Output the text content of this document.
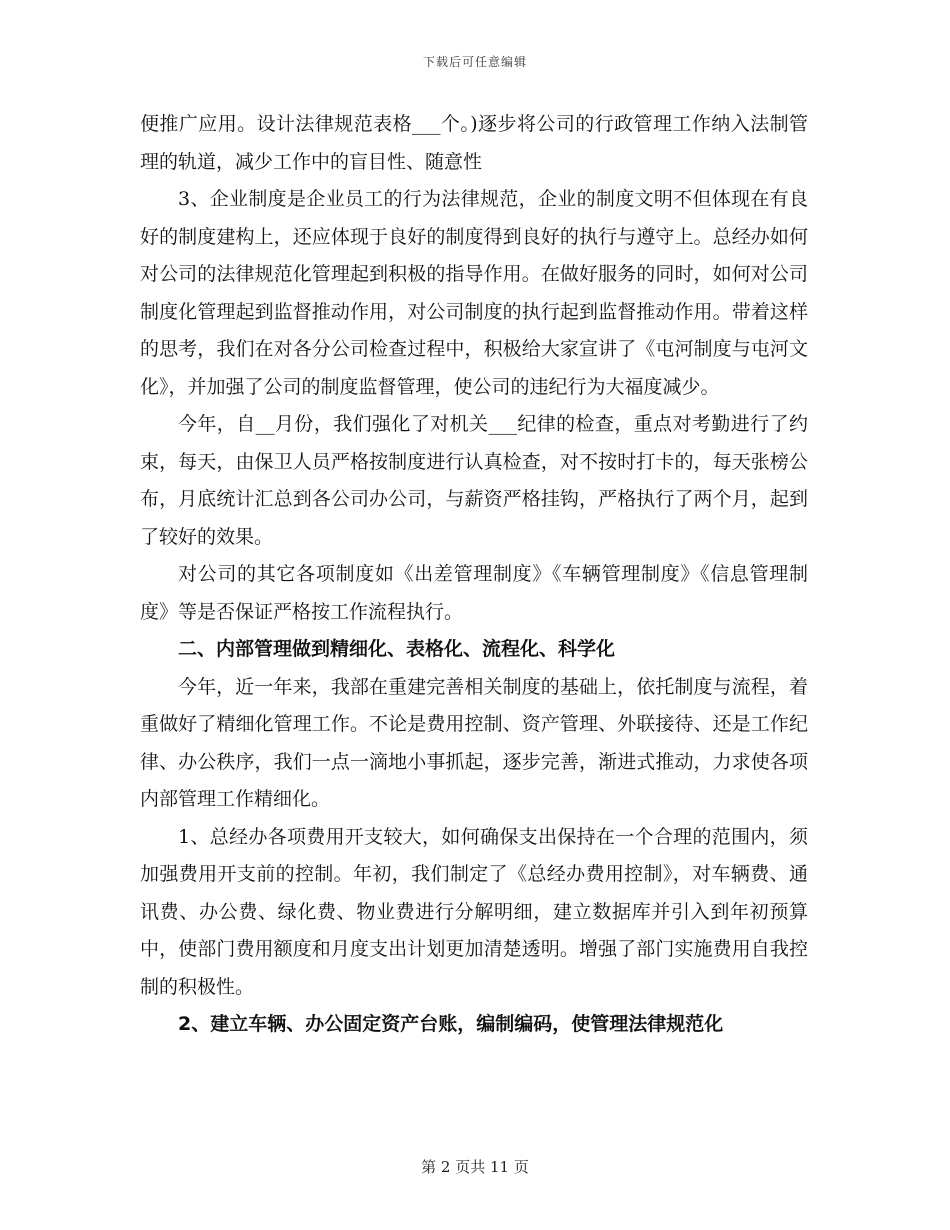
下载后可任意编辑

便推广应用。设计法律规范表格___个。)逐步将公司的行政管理工作纳入法制管理的轨道，减少工作中的盲目性、随意性

3、企业制度是企业员工的行为法律规范，企业的制度文明不但体现在有良好的制度建构上，还应体现于良好的制度得到良好的执行与遵守上。总经办如何对公司的法律规范化管理起到积极的指导作用。在做好服务的同时，如何对公司制度化管理起到监督推动作用，对公司制度的执行起到监督推动作用。带着这样的思考，我们在对各分公司检查过程中，积极给大家宣讲了《屯河制度与屯河文化》，并加强了公司的制度监督管理，使公司的违纪行为大福度减少。

今年，自__月份，我们强化了对机关___纪律的检查，重点对考勤进行了约束，每天，由保卫人员严格按制度进行认真检查，对不按时打卡的，每天张榜公布，月底统计汇总到各公司办公司，与薪资严格挂钩，严格执行了两个月，起到了较好的效果。

对公司的其它各项制度如《出差管理制度》《车辆管理制度》《信息管理制度》等是否保证严格按工作流程执行。

二、内部管理做到精细化、表格化、流程化、科学化

今年，近一年来，我部在重建完善相关制度的基础上，依托制度与流程，着重做好了精细化管理工作。不论是费用控制、资产管理、外联接待、还是工作纪律、办公秩序，我们一点一滴地小事抓起，逐步完善，渐进式推动，力求使各项内部管理工作精细化。

1、总经办各项费用开支较大，如何确保支出保持在一个合理的范围内，须加强费用开支前的控制。年初，我们制定了《总经办费用控制》，对车辆费、通讯费、办公费、绿化费、物业费进行分解明细，建立数据库并引入到年初预算中，使部门费用额度和月度支出计划更加清楚透明。增强了部门实施费用自我控制的积极性。

2、建立车辆、办公固定资产台账，编制编码，使管理法律规范化

第 2 页共 11 页
